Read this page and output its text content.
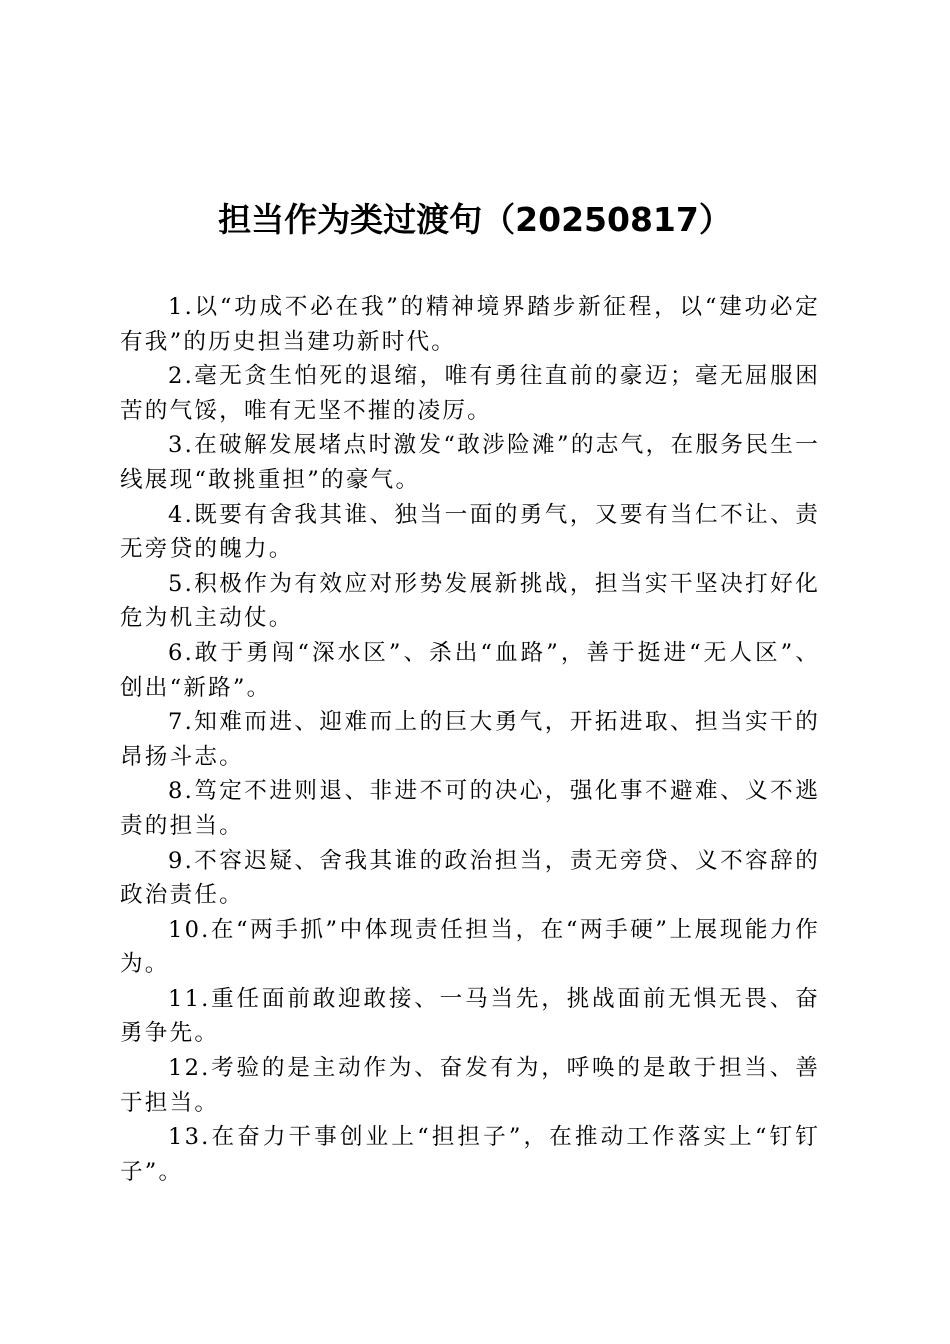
担当作为类过渡句（20250817）

1.以“功成不必在我”的精神境界踏步新征程，以“建功必定有我”的历史担当建功新时代。

2.毫无贪生怕死的退缩，唯有勇往直前的豪迈；毫无屈服困苦的气馁，唯有无坚不摧的凌厉。

3.在破解发展堵点时激发“敢涉险滩”的志气，在服务民生一线展现“敢挑重担”的豪气。

4.既要有舍我其谁、独当一面的勇气，又要有当仁不让、责无旁贷的魄力。

5.积极作为有效应对形势发展新挑战，担当实干坚决打好化危为机主动仗。

6.敢于勇闯“深水区”、杀出“血路”，善于挺进“无人区”、创出“新路”。

7.知难而进、迎难而上的巨大勇气，开拓进取、担当实干的昂扬斗志。

8.笃定不进则退、非进不可的决心，强化事不避难、义不逃责的担当。

9.不容迟疑、舍我其谁的政治担当，责无旁贷、义不容辞的政治责任。

10.在“两手抓”中体现责任担当，在“两手硬”上展现能力作为。

11.重任面前敢迎敢接、一马当先，挑战面前无惧无畏、奋勇争先。

12.考验的是主动作为、奋发有为，呼唤的是敢于担当、善于担当。

13.在奋力干事创业上“担担子”，在推动工作落实上“钉钉子”。
